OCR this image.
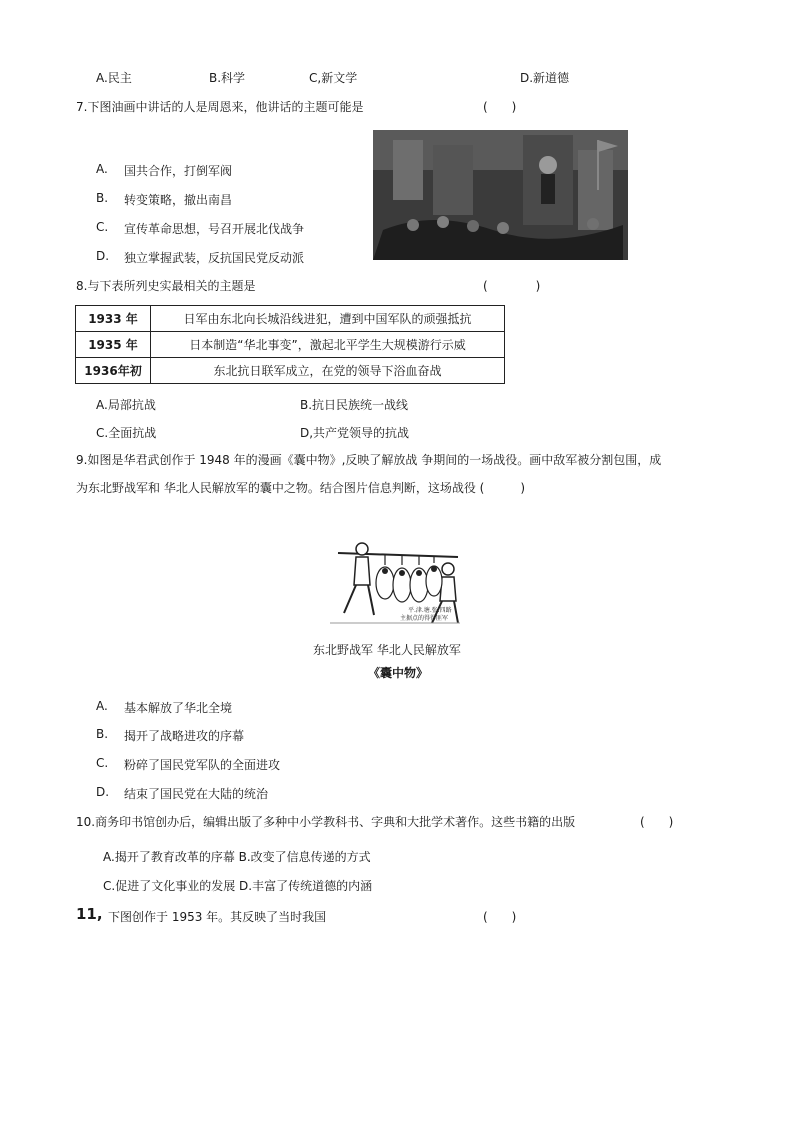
A.民主	B.科学	C,新文学	D.新道德
7.下图油画中讲话的人是周恩来，他讲话的主题可能是	(　　)
A. 国共合作，打倒军阀
B. 转变策略，撤出南昌
C. 宣传革命思想，号召开展北伐战争
D. 独立掌握武装，反抗国民党反动派
8.与下表所列史实最相关的主题是	(　　　　)
1933 年	日军由东北向长城沿线进犯，遭到中国军队的顽强抵抗
1935 年	日本制造“华北事变”，激起北平学生大规模游行示威
1936年初	东北抗日联军成立，在党的领导下浴血奋战
A.局部抗战	B.抗日民族统一战线
C.全面抗战	D,共产党领导的抗战
9.如图是华君武创作于 1948 年的漫画《囊中物》,反映了解放战 争期间的一场战役。画中敌军被分割包围，成
为东北野战军和 华北人民解放军的囊中之物。结合图片信息判断，这场战役 (　　　)
平.津.塘.张.四路
主据点的得得匪军
东北野战军 华北人民解放军
《囊中物》
A. 基本解放了华北全境
B. 揭开了战略进攻的序幕
C. 粉碎了国民党军队的全面进攻
D. 结束了国民党在大陆的统治
10.商务印书馆创办后，编辑出版了多种中小学教科书、字典和大批学术著作。这些书籍的出版	(　　)
A.揭开了教育改革的序幕 B.改变了信息传递的方式
C.促进了文化事业的发展 D.丰富了传统道德的内涵
11, 下图创作于 1953 年。其反映了当时我国	(　　)
